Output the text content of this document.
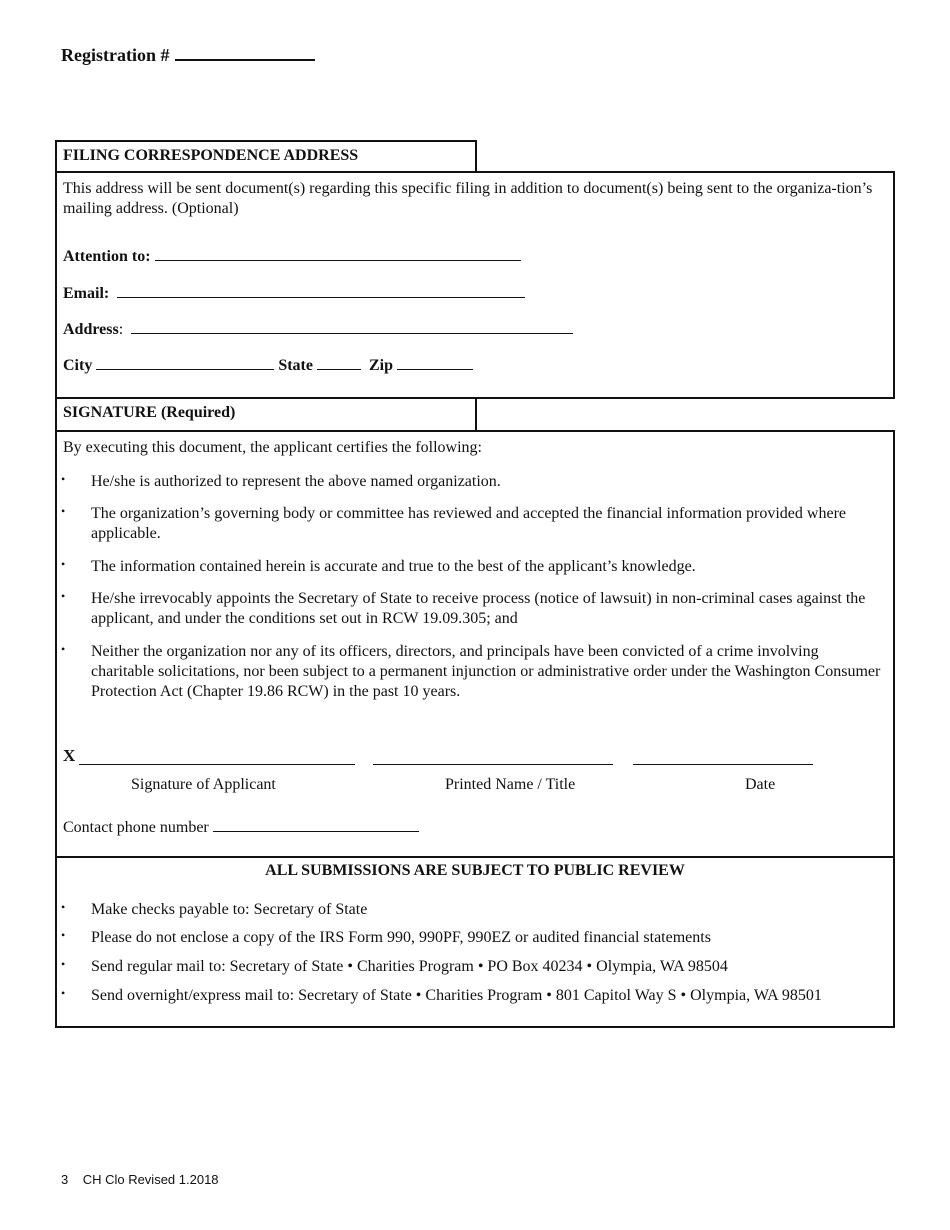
Registration #
FILING CORRESPONDENCE ADDRESS
This address will be sent document(s) regarding this specific filing in addition to document(s) being sent to the organiza-tion’s mailing address. (Optional)
Attention to:
Email:
Address:
City	State	Zip
SIGNATURE (Required)
By executing this document, the applicant certifies the following:
• He/she is authorized to represent the above named organization.
• The organization’s governing body or committee has reviewed and accepted the financial information provided where applicable.
• The information contained herein is accurate and true to the best of the applicant’s knowledge.
• He/she irrevocably appoints the Secretary of State to receive process (notice of lawsuit) in non-criminal cases against the applicant, and under the conditions set out in RCW 19.09.305; and
• Neither the organization nor any of its officers, directors, and principals have been convicted of a crime involving charitable solicitations, nor been subject to a permanent injunction or administrative order under the Washington Consumer Protection Act (Chapter 19.86 RCW) in the past 10 years.
X
Signature of Applicant	Printed Name / Title	Date
Contact phone number
ALL SUBMISSIONS ARE SUBJECT TO PUBLIC REVIEW
• Make checks payable to: Secretary of State
• Please do not enclose a copy of the IRS Form 990, 990PF, 990EZ or audited financial statements
• Send regular mail to: Secretary of State • Charities Program • PO Box 40234 • Olympia, WA 98504
• Send overnight/express mail to: Secretary of State • Charities Program • 801 Capitol Way S • Olympia, WA 98501
3 CH Clo Revised 1.2018
